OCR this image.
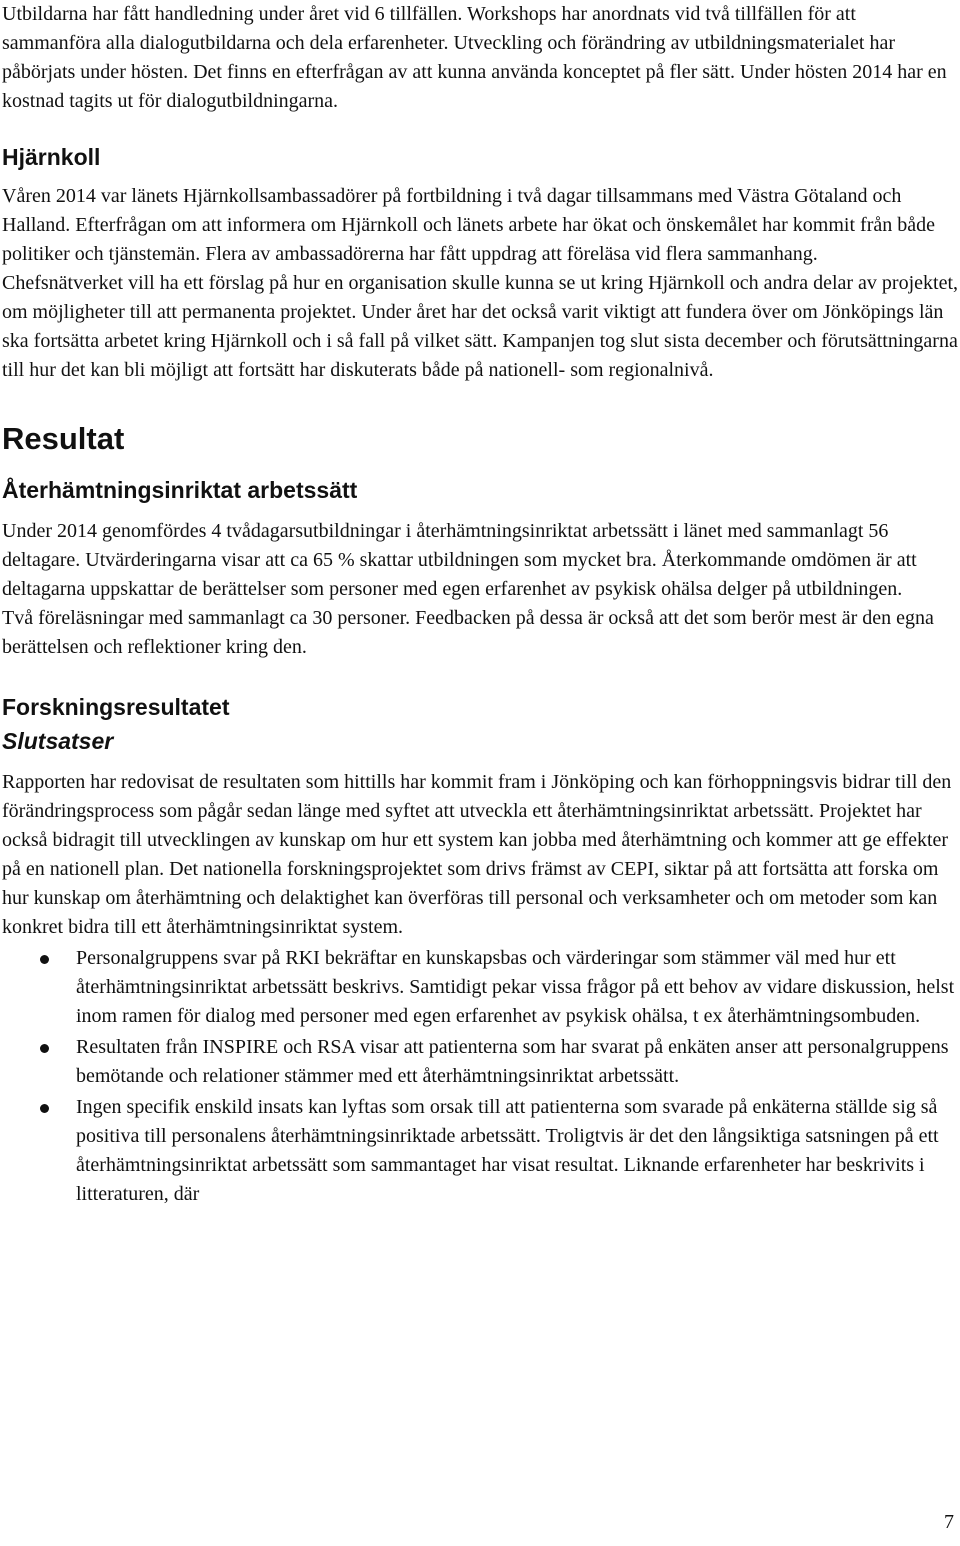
Utbildarna har fått handledning under året vid 6 tillfällen. Workshops har anordnats vid två tillfällen för att sammanföra alla dialogutbildarna och dela erfarenheter. Utveckling och förändring av utbildningsmaterialet har påbörjats under hösten. Det finns en efterfrågan av att kunna använda konceptet på fler sätt. Under hösten 2014 har en kostnad tagits ut för dialogutbildningarna.

Hjärnkoll

Våren 2014 var länets Hjärnkollsambassadörer på fortbildning i två dagar tillsammans med Västra Götaland och Halland. Efterfrågan om att informera om Hjärnkoll och länets arbete har ökat och önskemålet har kommit från både politiker och tjänstemän. Flera av ambassadörerna har fått uppdrag att föreläsa vid flera sammanhang.

Chefsnätverket vill ha ett förslag på hur en organisation skulle kunna se ut kring Hjärnkoll och andra delar av projektet, om möjligheter till att permanenta projektet. Under året har det också varit viktigt att fundera över om Jönköpings län ska fortsätta arbetet kring Hjärnkoll och i så fall på vilket sätt. Kampanjen tog slut sista december och förutsättningarna till hur det kan bli möjligt att fortsätt har diskuterats både på nationell- som regionalnivå.

Resultat
Återhämtningsinriktat arbetssätt

Under 2014 genomfördes 4 tvådagarsutbildningar i återhämtningsinriktat arbetssätt i länet med sammanlagt 56 deltagare. Utvärderingarna visar att ca 65 % skattar utbildningen som mycket bra. Återkommande omdömen är att deltagarna uppskattar de berättelser som personer med egen erfarenhet av psykisk ohälsa delger på utbildningen.

Två föreläsningar med sammanlagt ca 30 personer. Feedbacken på dessa är också att det som berör mest är den egna berättelsen och reflektioner kring den.

Forskningsresultatet
Slutsatser

Rapporten har redovisat de resultaten som hittills har kommit fram i Jönköping och kan förhoppningsvis bidrar till den förändringsprocess som pågår sedan länge med syftet att utveckla ett återhämtningsinriktat arbetssätt. Projektet har också bidragit till utvecklingen av kunskap om hur ett system kan jobba med återhämtning och kommer att ge effekter på en nationell plan. Det nationella forskningsprojektet som drivs främst av CEPI, siktar på att fortsätta att forska om hur kunskap om återhämtning och delaktighet kan överföras till personal och verksamheter och om metoder som kan konkret bidra till ett återhämtningsinriktat system.

Personalgruppens svar på RKI bekräftar en kunskapsbas och värderingar som stämmer väl med hur ett återhämtningsinriktat arbetssätt beskrivs. Samtidigt pekar vissa frågor på ett behov av vidare diskussion, helst inom ramen för dialog med personer med egen erfarenhet av psykisk ohälsa, t ex återhämtningsombuden.
Resultaten från INSPIRE och RSA visar att patienterna som har svarat på enkäten anser att personalgruppens bemötande och relationer stämmer med ett återhämtningsinriktat arbetssätt.
Ingen specifik enskild insats kan lyftas som orsak till att patienterna som svarade på enkäterna ställde sig så positiva till personalens återhämtningsinriktade arbetssätt. Troligtvis är det den långsiktiga satsningen på ett återhämtningsinriktat arbetssätt som sammantaget har visat resultat. Liknande erfarenheter har beskrivits i litteraturen, där

7
